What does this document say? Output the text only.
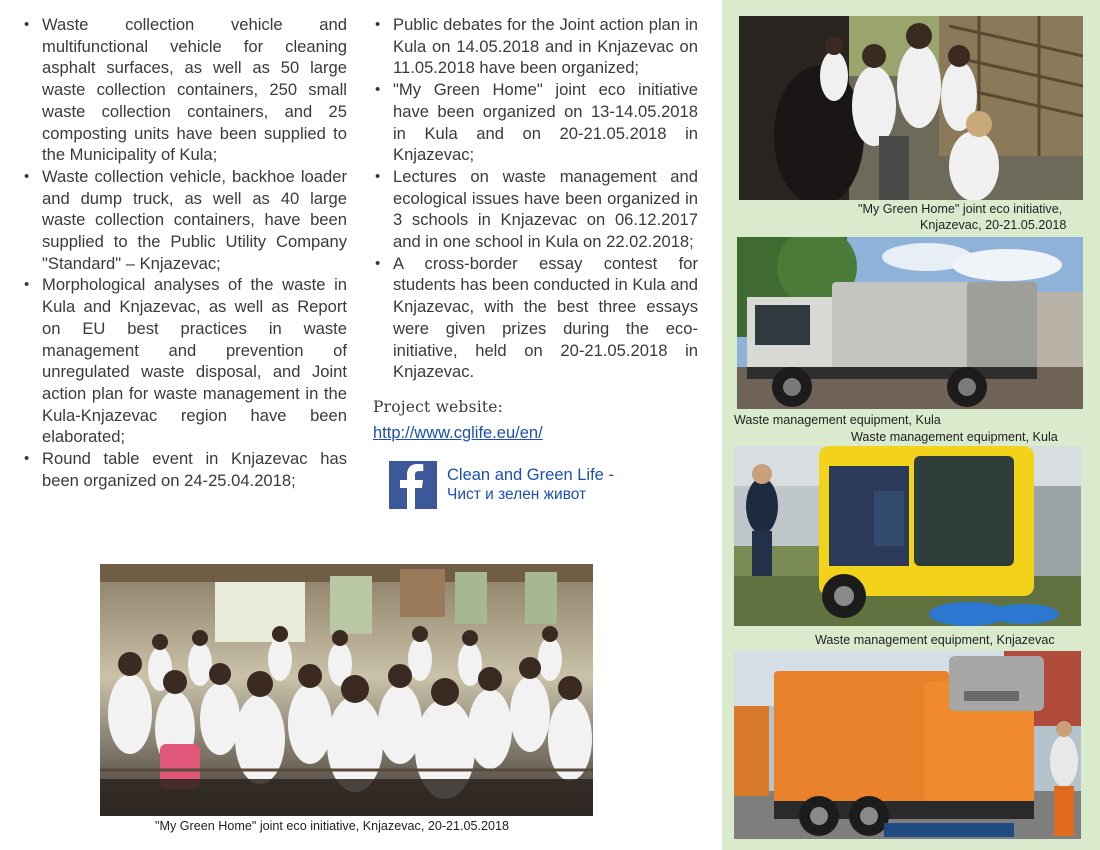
• Waste collection vehicle and multifunctional vehicle for cleaning asphalt surfaces, as well as 50 large waste collection containers, 250 small waste collection containers, and 25 composting units have been supplied to the Municipality of Kula;
• Waste collection vehicle, backhoe loader and dump truck, as well as 40 large waste collection containers, have been supplied to the Public Utility Company "Standard" – Knjazevac;
• Morphological analyses of the waste in Kula and Knjazevac, as well as Report on EU best practices in waste management and prevention of unregulated waste disposal, and Joint action plan for waste management in the Kula-Knjazevac region have been elaborated;
• Round table event in Knjazevac has been organized on 24-25.04.2018;
• Public debates for the Joint action plan in Kula on 14.05.2018 and in Knjazevac on 11.05.2018 have been organized;
• "My Green Home" joint eco initiative have been organized on 13-14.05.2018 in Kula and on 20-21.05.2018 in Knjazevac;
• Lectures on waste management and ecological issues have been organized in 3 schools in Knjazevac on 06.12.2017 and in one school in Kula on 22.02.2018;
• A cross-border essay contest for students has been conducted in Kula and Knjazevac, with the best three essays were given prizes during the eco-initiative, held on 20-21.05.2018 in Knjazevac.
Project website:
http://www.cglife.eu/en/
Clean and Green Life -
Чист и зелен живот
"My Green Home" joint eco initiative, Knjazevac, 20-21.05.2018
"My Green Home" joint eco initiative,
Knjazevac, 20-21.05.2018
Waste management equipment, Kula
Waste management equipment, Kula
Waste management equipment, Knjazevac
